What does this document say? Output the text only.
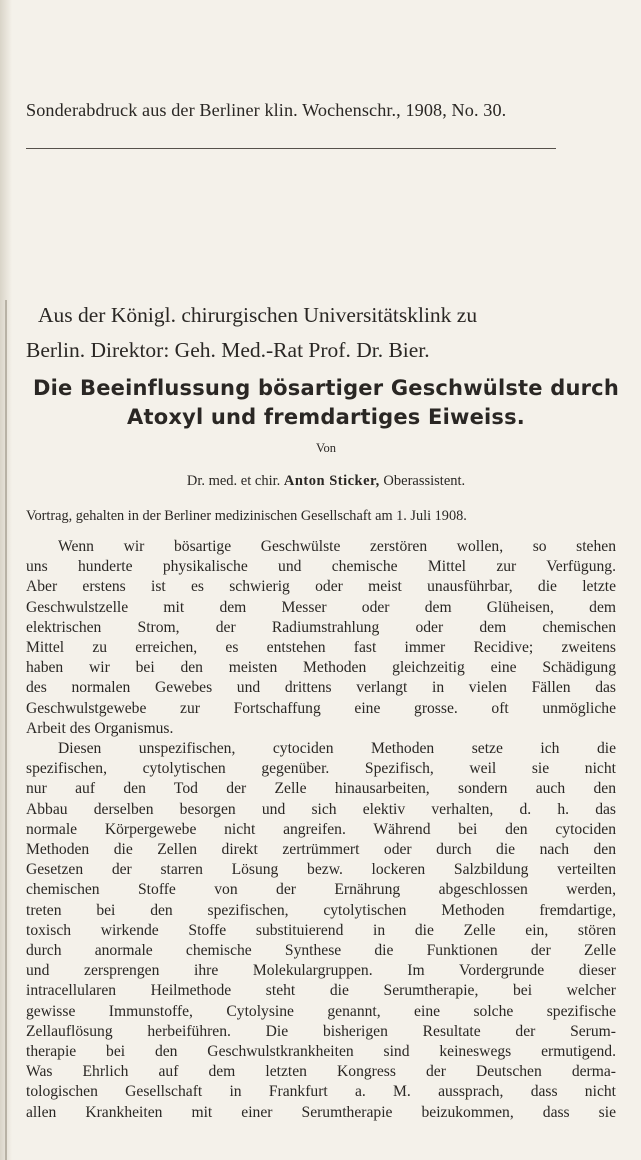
Sonderabdruck aus der Berliner klin. Wochenschr., 1908, No. 30.
Aus der Königl. chirurgischen Universitätsklink zu
Berlin. Direktor: Geh. Med.-Rat Prof. Dr. Bier.
Die Beeinflussung bösartiger Geschwülste durch
Atoxyl und fremdartiges Eiweiss.
Von
Dr. med. et chir. Anton Sticker, Oberassistent.
Vortrag, gehalten in der Berliner medizinischen Gesellschaft am 1. Juli 1908.
Wenn wir bösartige Geschwülste zerstören wollen, so stehen
uns hunderte physikalische und chemische Mittel zur Verfügung.
Aber erstens ist es schwierig oder meist unausführbar, die letzte
Geschwulstzelle mit dem Messer oder dem Glüheisen, dem
elektrischen Strom, der Radiumstrahlung oder dem chemischen
Mittel zu erreichen, es entstehen fast immer Recidive; zweitens
haben wir bei den meisten Methoden gleichzeitig eine Schädigung
des normalen Gewebes und drittens verlangt in vielen Fällen das
Geschwulstgewebe zur Fortschaffung eine grosse. oft unmögliche
Arbeit des Organismus.
Diesen unspezifischen, cytociden Methoden setze ich die
spezifischen, cytolytischen gegenüber. Spezifisch, weil sie nicht
nur auf den Tod der Zelle hinausarbeiten, sondern auch den
Abbau derselben besorgen und sich elektiv verhalten, d. h. das
normale Körpergewebe nicht angreifen. Während bei den cytociden
Methoden die Zellen direkt zertrümmert oder durch die nach den
Gesetzen der starren Lösung bezw. lockeren Salzbildung verteilten
chemischen Stoffe von der Ernährung abgeschlossen werden,
treten bei den spezifischen, cytolytischen Methoden fremdartige,
toxisch wirkende Stoffe substituierend in die Zelle ein, stören
durch anormale chemische Synthese die Funktionen der Zelle
und zersprengen ihre Molekulargruppen. Im Vordergrunde dieser
intracellularen Heilmethode steht die Serumtherapie, bei welcher
gewisse Immunstoffe, Cytolysine genannt, eine solche spezifische
Zellauflösung herbeiführen. Die bisherigen Resultate der Serum-
therapie bei den Geschwulstkrankheiten sind keineswegs ermutigend.
Was Ehrlich auf dem letzten Kongress der Deutschen derma-
tologischen Gesellschaft in Frankfurt a. M. aussprach, dass nicht
allen Krankheiten mit einer Serumtherapie beizukommen, dass sie
